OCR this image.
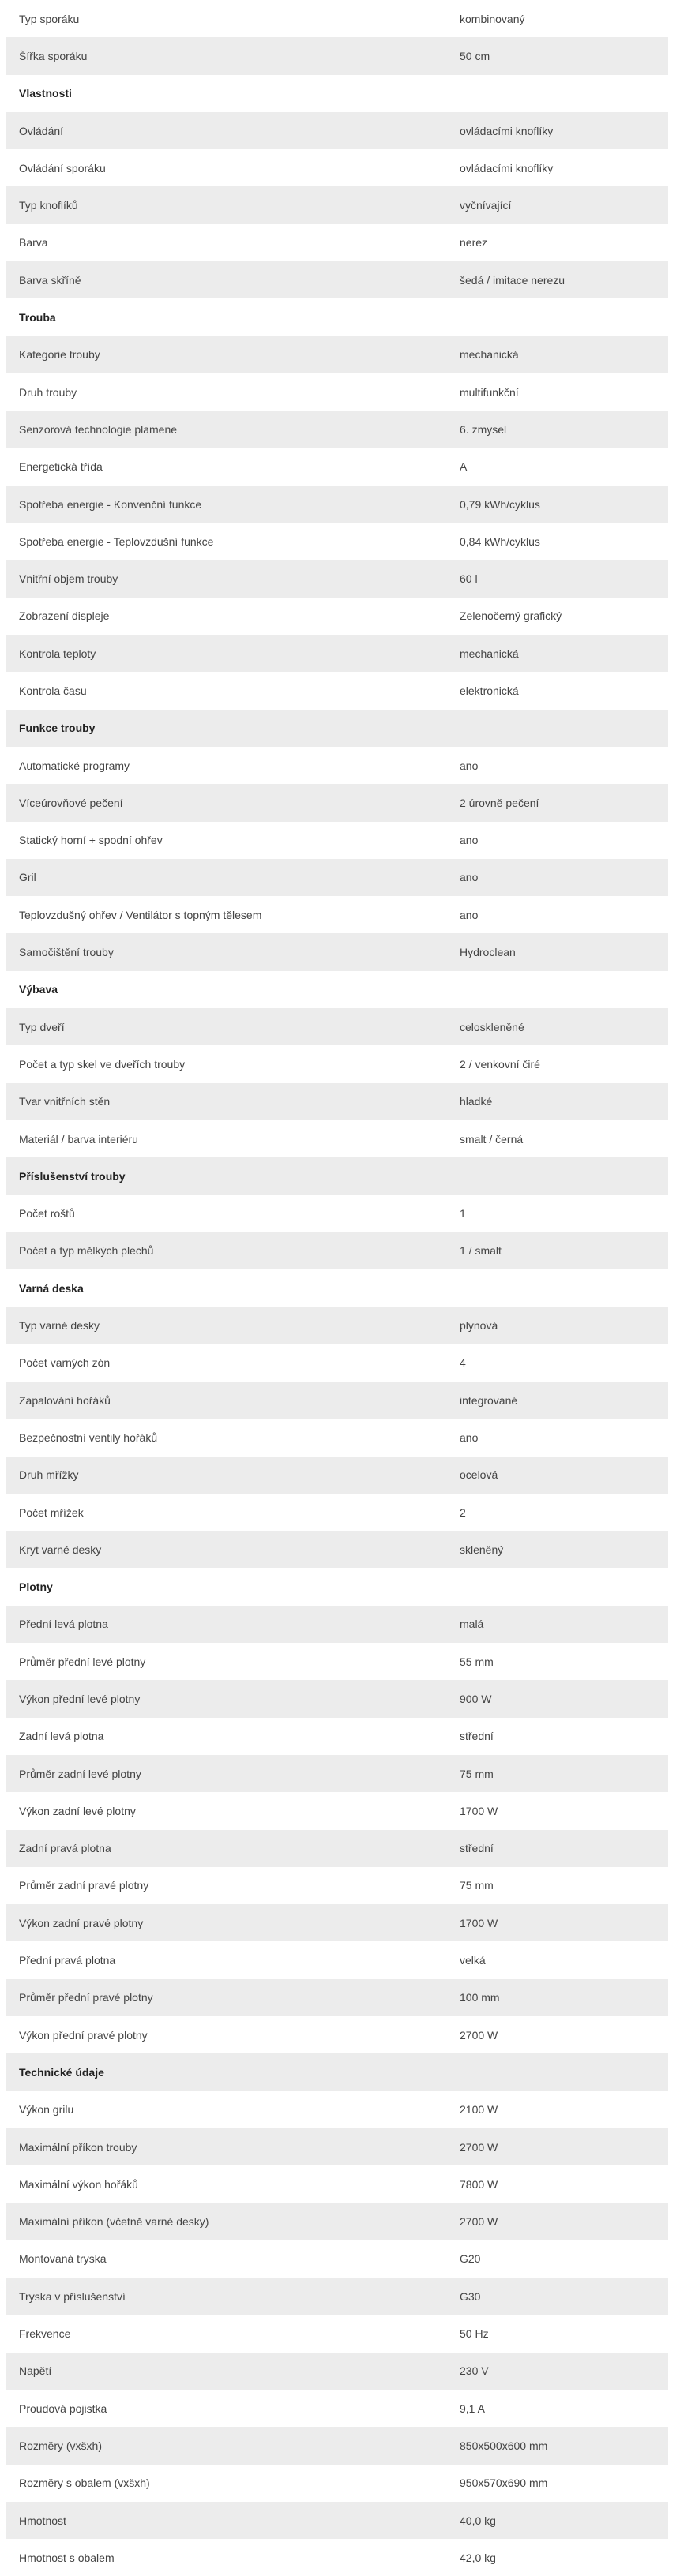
Typ sporáku	kombinovaný
Šířka sporáku	50 cm
Vlastnosti
Ovládání	ovládacími knoflíky
Ovládání sporáku	ovládacími knoflíky
Typ knoflíků	vyčnívající
Barva	nerez
Barva skříně	šedá / imitace nerezu
Trouba
Kategorie trouby	mechanická
Druh trouby	multifunkční
Senzorová technologie plamene	6. zmysel
Energetická třída	A
Spotřeba energie - Konvenční funkce	0,79 kWh/cyklus
Spotřeba energie - Teplovzdušní funkce	0,84 kWh/cyklus
Vnitřní objem trouby	60 l
Zobrazení displeje	Zelenočerný grafický
Kontrola teploty	mechanická
Kontrola času	elektronická
Funkce trouby
Automatické programy	ano
Víceúrovňové pečení	2 úrovně pečení
Statický horní + spodní ohřev	ano
Gril	ano
Teplovzdušný ohřev / Ventilátor s topným tělesem	ano
Samočištění trouby	Hydroclean
Výbava
Typ dveří	celoskleněné
Počet a typ skel ve dveřích trouby	2 / venkovní čiré
Tvar vnitřních stěn	hladké
Materiál / barva interiéru	smalt / černá
Příslušenství trouby
Počet roštů	1
Počet a typ mělkých plechů	1 / smalt
Varná deska
Typ varné desky	plynová
Počet varných zón	4
Zapalování hořáků	integrované
Bezpečnostní ventily hořáků	ano
Druh mřížky	ocelová
Počet mřížek	2
Kryt varné desky	skleněný
Plotny
Přední levá plotna	malá
Průměr přední levé plotny	55 mm
Výkon přední levé plotny	900 W
Zadní levá plotna	střední
Průměr zadní levé plotny	75 mm
Výkon zadní levé plotny	1700 W
Zadní pravá plotna	střední
Průměr zadní pravé plotny	75 mm
Výkon zadní pravé plotny	1700 W
Přední pravá plotna	velká
Průměr přední pravé plotny	100 mm
Výkon přední pravé plotny	2700 W
Technické údaje
Výkon grilu	2100 W
Maximální příkon trouby	2700 W
Maximální výkon hořáků	7800 W
Maximální příkon (včetně varné desky)	2700 W
Montovaná tryska	G20
Tryska v příslušenství	G30
Frekvence	50 Hz
Napětí	230 V
Proudová pojistka	9,1 A
Rozměry (vxšxh)	850x500x600 mm
Rozměry s obalem (vxšxh)	950x570x690 mm
Hmotnost	40,0 kg
Hmotnost s obalem	42,0 kg
